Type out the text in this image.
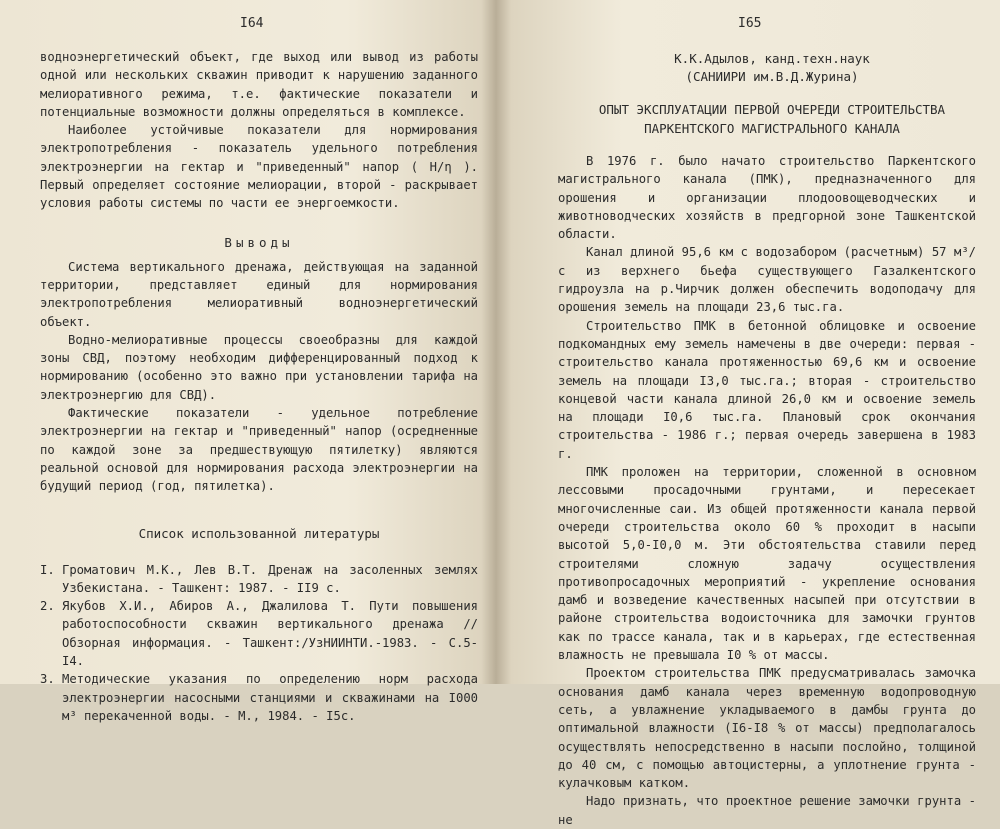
I64

водноэнергетический объект, где выход или вывод из работы одной или нескольких скважин приводит к нарушению заданного мелиоративного режима, т.е. фактические показатели и потенциальные возможности должны определяться в комплексе.

Наиболее устойчивые показатели для нормирования электропотребления - показатель удельного потребления электроэнергии на гектар и "приведенный" напор ( H/η ). Первый определяет состояние мелиорации, второй - раскрывает условия работы системы по части ее энергоемкости.

Выводы

Система вертикального дренажа, действующая на заданной территории, представляет единый для нормирования электропотребления мелиоративный водноэнергетический объект.

Водно-мелиоративные процессы своеобразны для каждой зоны СВД, поэтому необходим дифференцированный подход к нормированию (особенно это важно при установлении тарифа на электроэнергию для СВД).

Фактические показатели - удельное потребление электроэнергии на гектар и "приведенный" напор (осредненные по каждой зоне за предшествующую пятилетку) являются реальной основой для нормирования расхода электроэнергии на будущий период (год, пятилетка).

Список использованной литературы
I. Громатович М.К., Лев В.Т. Дренаж на засоленных землях Узбекистана. - Ташкент: 1987. - II9 с.
2. Якубов Х.И., Абиров А., Джалилова Т. Пути повышения работоспособности скважин вертикального дренажа //Обзорная информация. - Ташкент:/УзНИИНТИ.-1983. - С.5-I4.
3. Методические указания по определению норм расхода электроэнергии насосными станциями и скважинами на I000 м³ перекаченной воды. - М., 1984. - I5с.
I65
К.К.Адылов, канд.техн.наук
(САНИИРИ им.В.Д.Журина)
ОПЫТ ЭКСПЛУАТАЦИИ ПЕРВОЙ ОЧЕРЕДИ СТРОИТЕЛЬСТВА
ПАРКЕНТСКОГО МАГИСТРАЛЬНОГО КАНАЛА

В 1976 г. было начато строительство Паркентского магистрального канала (ПМК), предназначенного для орошения и организации плодоовощеводческих и животноводческих хозяйств в предгорной зоне Ташкентской области.

Канал длиной 95,6 км с водозабором (расчетным) 57 м³/с из верхнего бьефа существующего Газалкентского гидроузла на р.Чирчик должен обеспечить водоподачу для орошения земель на площади 23,6 тыс.га.

Строительство ПМК в бетонной облицовке и освоение подкомандных ему земель намечены в две очереди: первая - строительство канала протяженностью 69,6 км и освоение земель на площади I3,0 тыс.га.; вторая - строительство концевой части канала длиной 26,0 км и освоение земель на площади I0,6 тыс.га. Плановый срок окончания строительства - 1986 г.; первая очередь завершена в 1983 г.

ПМК проложен на территории, сложенной в основном лессовыми просадочными грунтами, и пересекает многочисленные саи. Из общей протяженности канала первой очереди строительства около 60 % проходит в насыпи высотой 5,0-I0,0 м. Эти обстоятельства ставили перед строителями сложную задачу осуществления противопросадочных мероприятий - укрепление основания дамб и возведение качественных насыпей при отсутствии в районе строительства водоисточника для замочки грунтов как по трассе канала, так и в карьерах, где естественная влажность не превышала I0 % от массы.

Проектом строительства ПМК предусматривалась замочка основания дамб канала через временную водопроводную сеть, а увлажнение укладываемого в дамбы грунта до оптимальной влажности (I6-I8 % от массы) предполагалось осуществлять непосредственно в насыпи послойно, толщиной до 40 см, с помощью автоцистерны, а уплотнение грунта - кулачковым катком.

Надо признать, что проектное решение замочки грунта - не
